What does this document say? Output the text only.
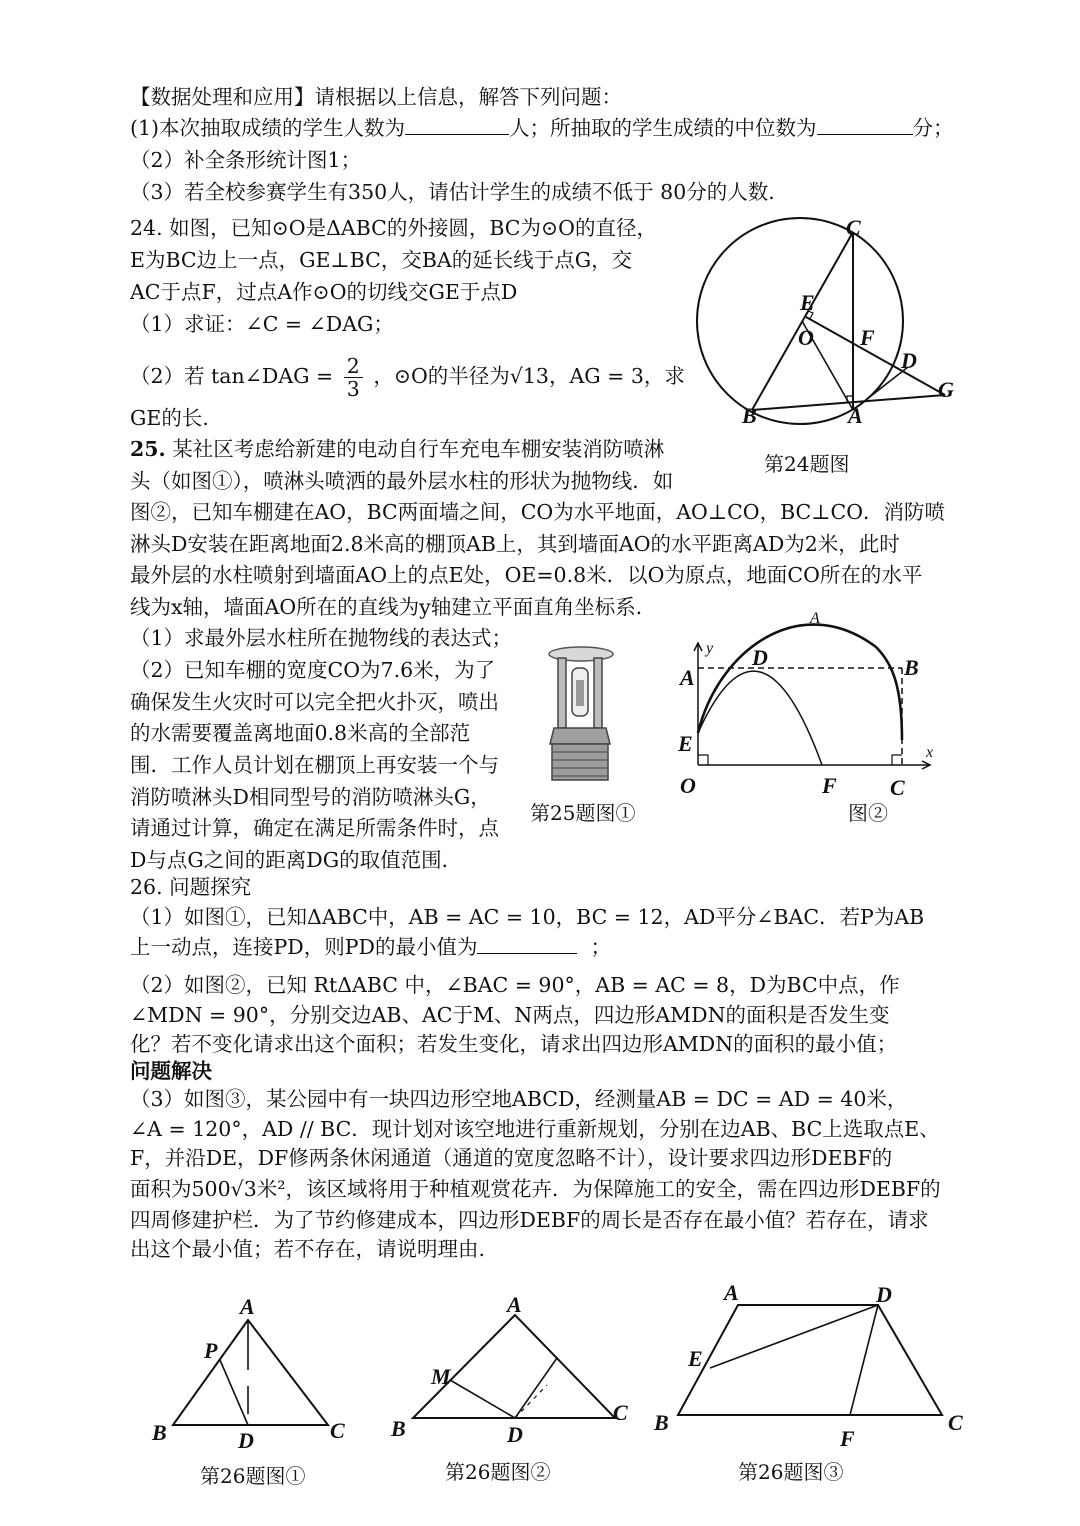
【数据处理和应用】请根据以上信息，解答下列问题：
(1)本次抽取成绩的学生人数为	人；所抽取的学生成绩的中位数为	分；
（2）补全条形统计图1；
（3）若全校参赛学生有350人，请估计学生的成绩不低于 80分的人数.
24. 如图，已知⊙O是ΔABC的外接圆，BC为⊙O的直径，
E为BC边上一点，GE⊥BC，交BA的延长线于点G，交
AC于点F，过点A作⊙O的切线交GE于点D
（1）求证：∠C = ∠DAG；
（2）若 tan∠DAG = $\frac{2}{3}$ ，⊙O的半径为√13，AG = 3，求
GE的长.
C
E
O F
D
G
B	A
第24题图
25. 某社区考虑给新建的电动自行车充电车棚安装消防喷淋
头（如图①），喷淋头喷洒的最外层水柱的形状为抛物线．如
图②，已知车棚建在AO，BC两面墙之间，CO为水平地面，AO⊥CO，BC⊥CO．消防喷
淋头D安装在距离地面2.8米高的棚顶AB上，其到墙面AO的水平距离AD为2米，此时
最外层的水柱喷射到墙面AO上的点E处，OE=0.8米．以O为原点，地面CO所在的水平
线为x轴，墙面AO所在的直线为y轴建立平面直角坐标系．
（1）求最外层水柱所在抛物线的表达式；
（2）已知车棚的宽度CO为7.6米，为了
确保发生火灾时可以完全把火扑灭，喷出
的水需要覆盖离地面0.8米高的全部范
围．工作人员计划在棚顶上再安装一个与
消防喷淋头D相同型号的消防喷淋头G，
请通过计算，确定在满足所需条件时，点
D与点G之间的距离DG的取值范围．
第25题图①
y
x
A
A
D	B
E
O	F C
图②
26. 问题探究
（1）如图①，已知ΔABC中，AB = AC = 10，BC = 12，AD平分∠BAC．若P为AB
上一动点，连接PD，则PD的最小值为	；
（2）如图②，已知 RtΔABC 中，∠BAC = 90°，AB = AC = 8，D为BC中点，作
∠MDN = 90°，分别交边AB、AC于M、N两点，四边形AMDN的面积是否发生变
化？若不变化请求出这个面积；若发生变化，请求出四边形AMDN的面积的最小值；
问题解决
（3）如图③，某公园中有一块四边形空地ABCD，经测量AB = DC = AD = 40米，
∠A = 120°，AD // BC．现计划对该空地进行重新规划，分别在边AB、BC上选取点E、
F，并沿DE，DF修两条休闲通道（通道的宽度忽略不计），设计要求四边形DEBF的
面积为500√3米²，该区域将用于种植观赏花卉．为保障施工的安全，需在四边形DEBF的
四周修建护栏．为了节约修建成本，四边形DEBF的周长是否存在最小值？若存在，请求
出这个最小值；若不存在，请说明理由.
A
P
B	D	C
第26题图①
A
M
B	D
C
第26题图②
A	D
E
B
F
C
第26题图③
